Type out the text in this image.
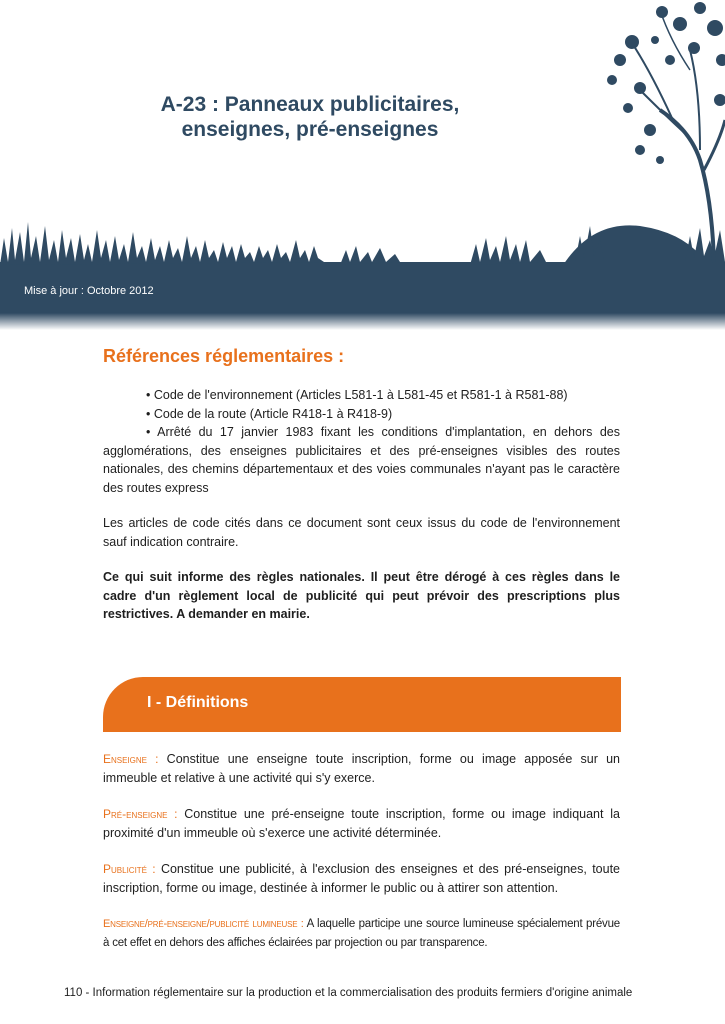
A-23 : Panneaux publicitaires,
enseignes, pré-enseignes
Mise à jour : Octobre 2012
Références réglementaires :
• Code de l'environnement (Articles L581-1 à L581-45 et R581-1 à R581-88)
• Code de la route (Article R418-1 à R418-9)
• Arrêté du 17 janvier 1983 fixant les conditions d'implantation, en dehors des agglomérations, des enseignes publicitaires et des pré-enseignes visibles des routes nationales, des chemins départementaux et des voies communales n'ayant pas le caractère des routes express

Les articles de code cités dans ce document sont ceux issus du code de l'environnement sauf indication contraire.

Ce qui suit informe des règles nationales. Il peut être dérogé à ces règles dans le cadre d'un règlement local de publicité qui peut prévoir des prescriptions plus restrictives. A demander en mairie.

I - Définitions

Enseigne : Constitue une enseigne toute inscription, forme ou image apposée sur un immeuble et relative à une activité qui s'y exerce.

Pré-enseigne : Constitue une pré-enseigne toute inscription, forme ou image indiquant la proximité d'un immeuble où s'exerce une activité déterminée.

Publicité : Constitue une publicité, à l'exclusion des enseignes et des pré-enseignes, toute inscription, forme ou image, destinée à informer le public ou à attirer son attention.

Enseigne/pré-enseigne/publicité lumineuse : A laquelle participe une source lumineuse spécialement prévue à cet effet en dehors des affiches éclairées par projection ou par transparence.

110 - Information réglementaire sur la production et la commercialisation des produits fermiers d'origine animale
